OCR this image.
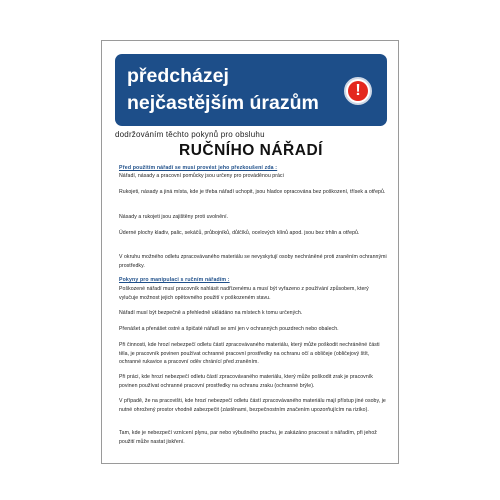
předcházej nejčastějším úrazům
!
dodržováním těchto pokynů pro obsluhu
RUČNÍHO NÁŘADÍ
Před použitím nářadí se musí provést jeho přezkoušení zda :
Nářadí, násady a pracovní pomůcky jsou určeny pro prováděnou práci
Rukojeti, násady a jiná místa, kde je třeba nářadí uchopit, jsou hladce opracována bez poškození, třísek a otřepů.
Násady a rukojeti jsou zajištěny proti uvolnění.
Úderné plochy kladiv, palic, sekáčů, průbojníků, důlčíků, ocelových klínů apod. jsou bez trhlin a otřepů.
V okruhu možného odletu zpracovávaného materiálu se nevyskytují osoby nechráněné proti zraněním ochrannými prostředky.
Pokyny pro manipulaci s ručním nářadím :
Poškozené nářadí musí pracovník nahlásit nadřízenému a musí být vyřazeno z používání způsobem, který vylučuje možnost jejich opětovného použití v poškozeném stavu.
Nářadí musí být bezpečně a přehledně ukládáno na místech k tomu určených.
Přenášet a přenášet ostré a špičaté nářadí se smí jen v ochranných pouzdrech nebo obalech.
Při činnosti, kde hrozí nebezpečí odletu částí zpracovávaného materiálu, který může poškodit nechráněné části těla, je pracovník povinen používat ochranné pracovní prostředky na ochranu očí a obličeje (obličejový štít, ochranné rukavice a pracovní oděv chránící před zraněním.
Při práci, kde hrozí nebezpečí odletu částí zpracovávaného materiálu, který může poškodit zrak je pracovník povinen používat ochranné pracovní prostředky na ochranu zraku (ochranné brýle).
V případě, že na pracovišti, kde hrozí nebezpečí odletu částí zpracovávaného materiálu mají přístup jiné osoby, je nutné ohrožený prostor vhodně zabezpečit (zástěnami, bezpečnostním značením upozorňujícím na riziko).
Tam, kde je nebezpečí vznícení plynu, par nebo výbušného prachu, je zakázáno pracovat s nářadím, při jehož použití může nastat jiskření.
